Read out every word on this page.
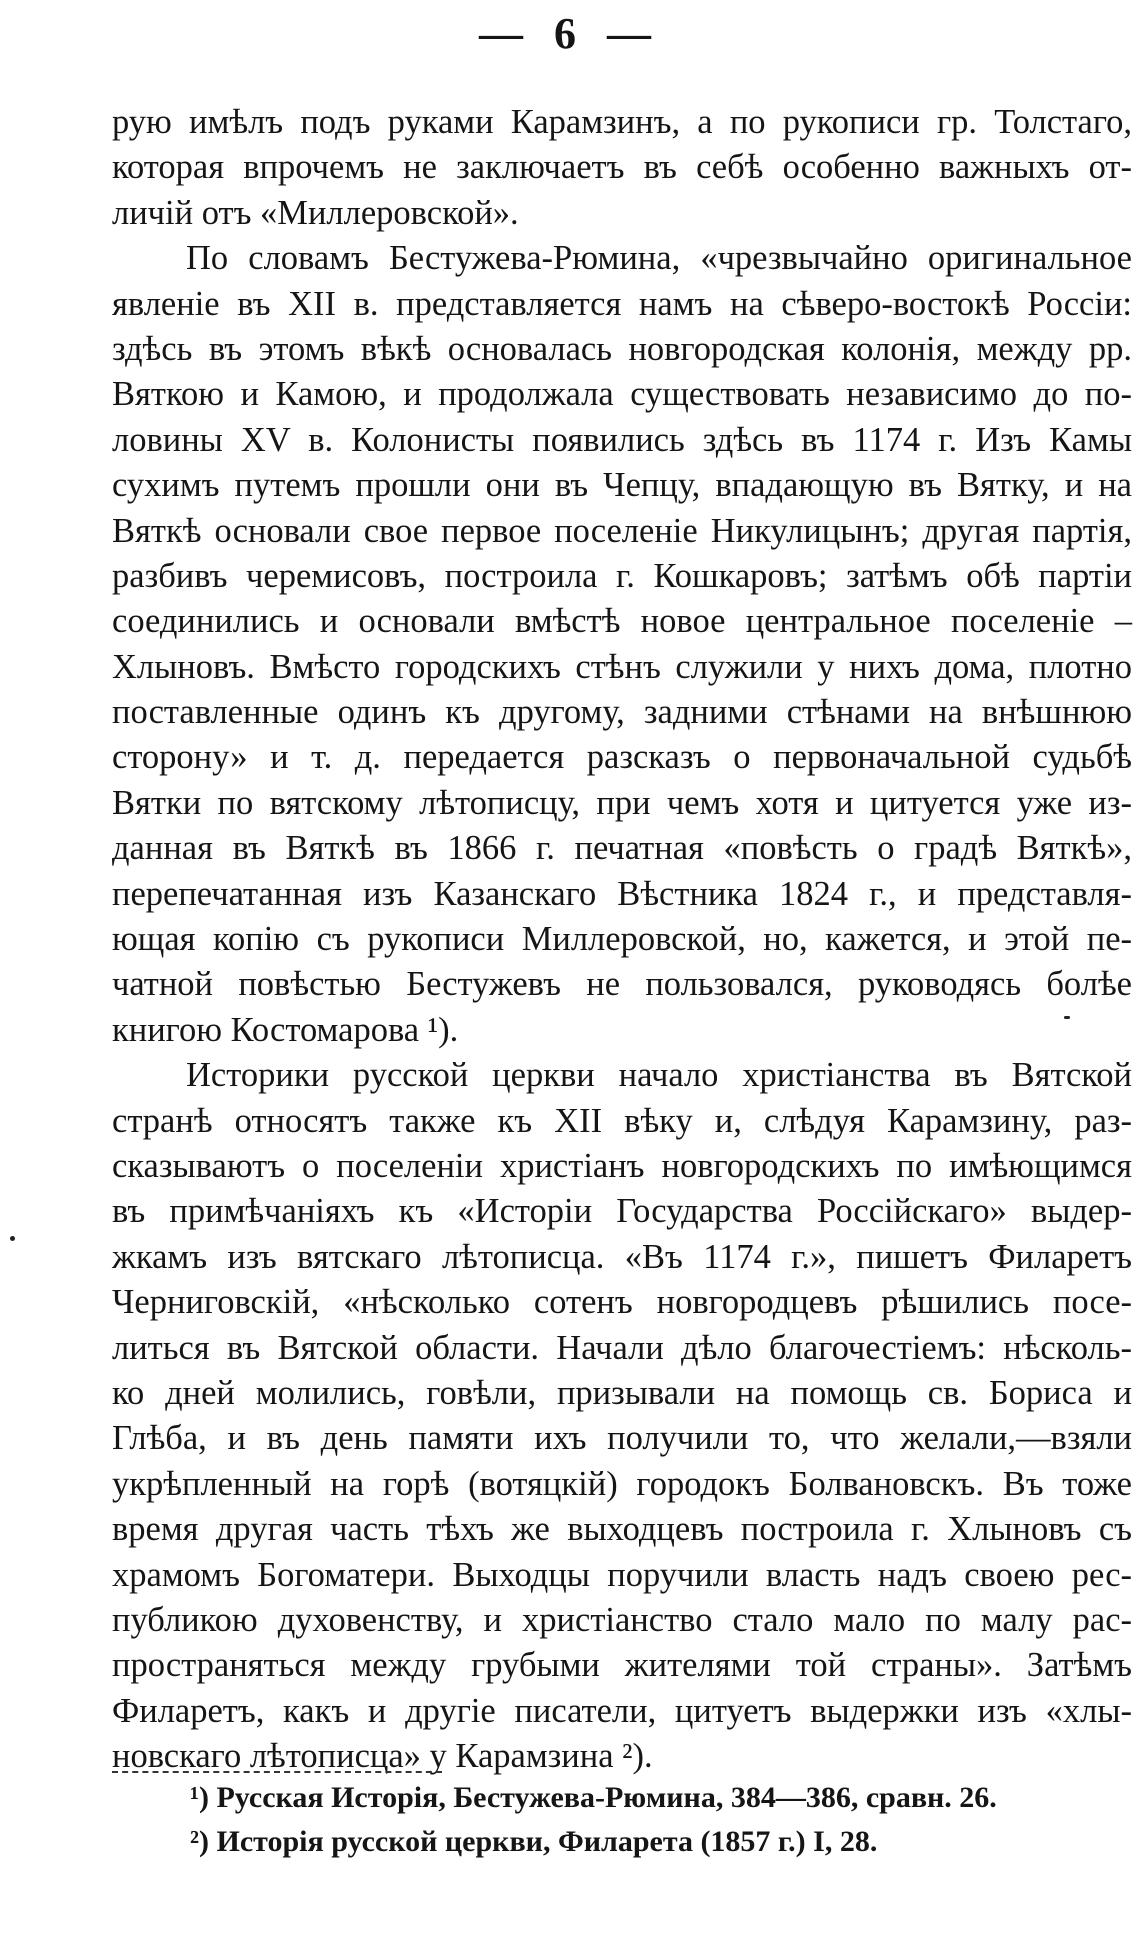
— 6 —
рую имѣлъ подъ руками Карамзинъ, а по рукописи гр. Толстаго,
которая впрочемъ не заключаетъ въ себѣ особенно важныхъ от-
личій отъ «Миллеровской».
По словамъ Бестужева-Рюмина, «чрезвычайно оригинальное
явленіе въ XII в. представляется намъ на сѣверо-востокѣ Россіи:
здѣсь въ этомъ вѣкѣ основалась новгородская колонія, между рр.
Вяткою и Камою, и продолжала существовать независимо до по-
ловины XV в. Колонисты появились здѣсь въ 1174 г. Изъ Камы
сухимъ путемъ прошли они въ Чепцу, впадающую въ Вятку, и на
Вяткѣ основали свое первое поселеніе Никулицынъ; другая партія,
разбивъ черемисовъ, построила г. Кошкаровъ; затѣмъ обѣ партіи
соединились и основали вмѣстѣ новое центральное поселеніе –
Хлыновъ. Вмѣсто городскихъ стѣнъ служили у нихъ дома, плотно
поставленные одинъ къ другому, задними стѣнами на внѣшнюю
сторону» и т. д. передается разсказъ о первоначальной судьбѣ
Вятки по вятскому лѣтописцу, при чемъ хотя и цитуется уже из-
данная въ Вяткѣ въ 1866 г. печатная «повѣсть о градѣ Вяткѣ»,
перепечатанная изъ Казанскаго Вѣстника 1824 г., и представля-
ющая копію съ рукописи Миллеровской, но, кажется, и этой пе-
чатной повѣстью Бестужевъ не пользовался, руководясь болѣе
книгою Костомарова ¹).
Историки русской церкви начало христіанства въ Вятской
странѣ относятъ также къ XII вѣку и, слѣдуя Карамзину, раз-
сказываютъ о поселеніи христіанъ новгородскихъ по имѣющимся
въ примѣчаніяхъ къ «Исторіи Государства Россійскаго» выдер-
жкамъ изъ вятскаго лѣтописца. «Въ 1174 г.», пишетъ Филаретъ
Черниговскій, «нѣсколько сотенъ новгородцевъ рѣшились посе-
литься въ Вятской области. Начали дѣло благочестіемъ: нѣсколь-
ко дней молились, говѣли, призывали на помощь св. Бориса и
Глѣба, и въ день памяти ихъ получили то, что желали,—взяли
укрѣпленный на горѣ (вотяцкій) городокъ Болвановскъ. Въ тоже
время другая часть тѣхъ же выходцевъ построила г. Хлыновъ съ
храмомъ Богоматери. Выходцы поручили власть надъ своею рес-
публикою духовенству, и христіанство стало мало по малу рас-
пространяться между грубыми жителями той страны». Затѣмъ
Филаретъ, какъ и другіе писатели, цитуетъ выдержки изъ «хлы-
новскаго лѣтописца» у Карамзина ²).
¹) Русская Исторія, Бестужева-Рюмина, 384—386, сравн. 26.
²) Исторія русской церкви, Филарета (1857 г.) I, 28.
